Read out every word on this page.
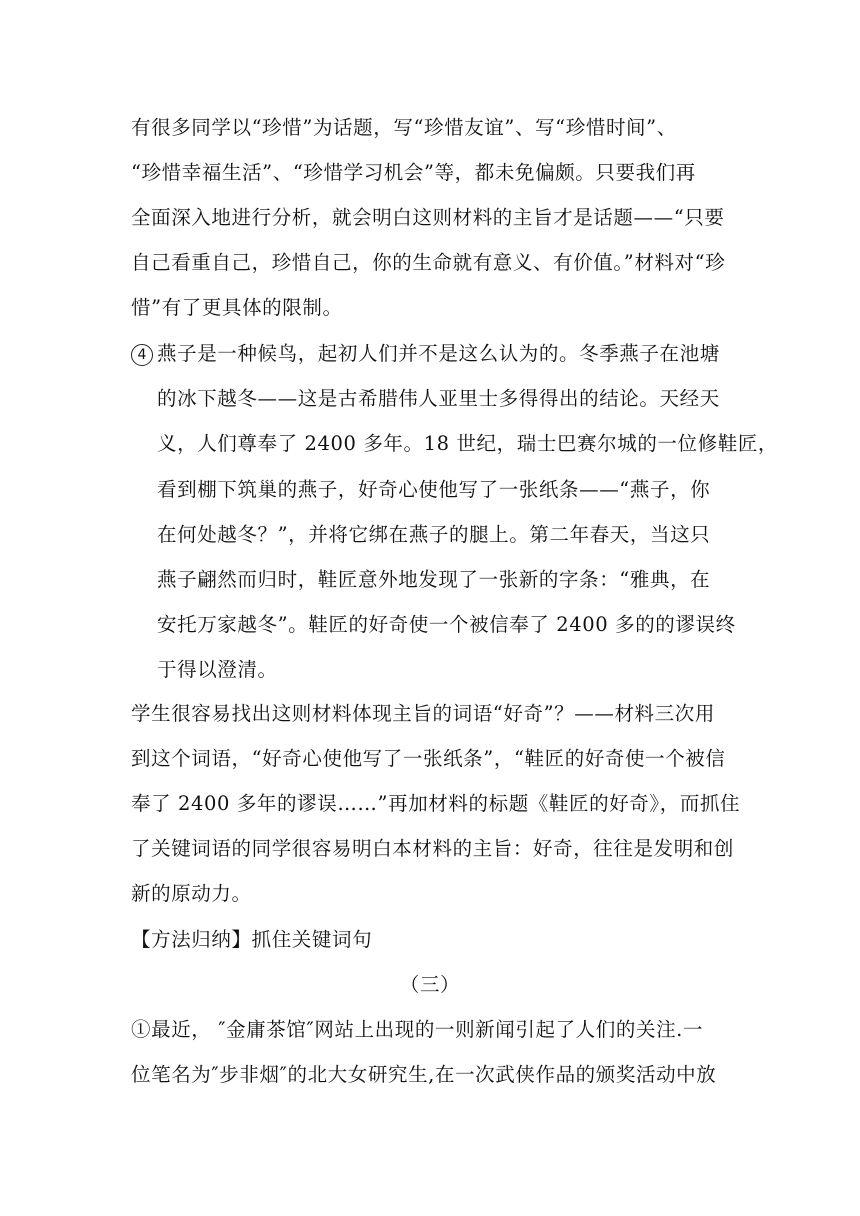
有很多同学以“珍惜”为话题，写“珍惜友谊”、写“珍惜时间”、
“珍惜幸福生活”、“珍惜学习机会”等，都未免偏颇。只要我们再
全面深入地进行分析，就会明白这则材料的主旨才是话题——“只要
自己看重自己，珍惜自己，你的生命就有意义、有价值。”材料对“珍
惜”有了更具体的限制。
4 燕子是一种候鸟，起初人们并不是这么认为的。冬季燕子在池塘
的冰下越冬——这是古希腊伟人亚里士多得得出的结论。天经天
义，人们尊奉了 2400 多年。18 世纪，瑞士巴赛尔城的一位修鞋匠，
看到棚下筑巢的燕子，好奇心使他写了一张纸条——“燕子，你
在何处越冬？”，并将它绑在燕子的腿上。第二年春天，当这只
燕子翩然而归时，鞋匠意外地发现了一张新的字条：“雅典，在
安托万家越冬”。鞋匠的好奇使一个被信奉了 2400 多的的谬误终
于得以澄清。
学生很容易找出这则材料体现主旨的词语“好奇”？——材料三次用
到这个词语，“好奇心使他写了一张纸条”，“鞋匠的好奇使一个被信
奉了 2400 多年的谬误……”再加材料的标题《鞋匠的好奇》，而抓住
了关键词语的同学很容易明白本材料的主旨：好奇，往往是发明和创
新的原动力。
【方法归纳】抓住关键词句
（三）
①最近， ″金庸茶馆″网站上出现的一则新闻引起了人们的关注.一
位笔名为″步非烟″的北大女研究生,在一次武侠作品的颁奖活动中放
